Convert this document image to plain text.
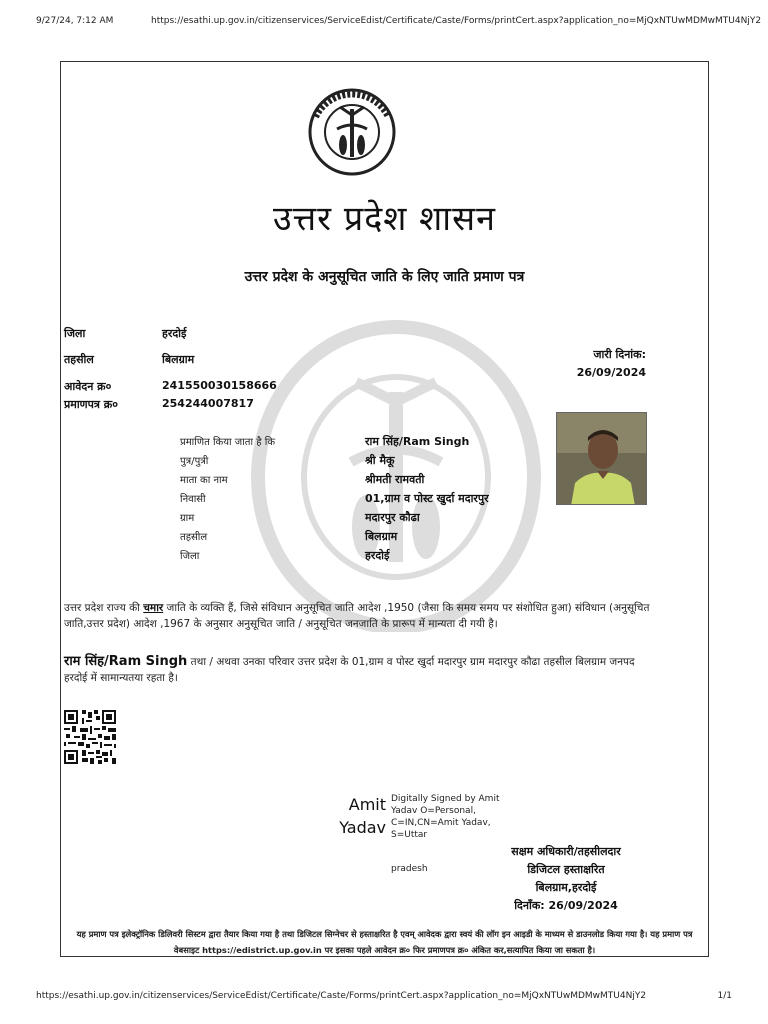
9/27/24, 7:12 AM	https://esathi.up.gov.in/citizenservices/ServiceEdist/Certificate/Caste/Forms/printCert.aspx?application_no=MjQxNTUwMDMwMTU4NjY2
उत्तर प्रदेश शासन
उत्तर प्रदेश के अनुसूचित जाति के लिए जाति प्रमाण पत्र
जिला	हरदोई
तहसील	बिलग्राम
आवेदन क्र०	241550030158666
प्रमाणपत्र क्र०	254244007817
जारी दिनांक:
26/09/2024
प्रमाणित किया जाता है कि	राम सिंह/Ram Singh
पुत्र/पुत्री	श्री मैकू
माता का नाम	श्रीमती रामवती
निवासी	01,ग्राम व पोस्ट खुर्दा मदारपुर
ग्राम	मदारपुर कौढा
तहसील	बिलग्राम
जिला	हरदोई
उत्तर प्रदेश राज्य की चमार जाति के व्यक्ति हैं, जिसे संविधान अनुसूचित जाति आदेश ,1950 (जैसा कि समय समय पर संशोधित हुआ) संविधान (अनुसूचित जाति,उत्तर प्रदेश) आदेश ,1967 के अनुसार अनुसूचित जाति / अनुसूचित जनजाति के प्रारूप में मान्यता दी गयी है।
राम सिंह/Ram Singh तथा / अथवा उनका परिवार उत्तर प्रदेश के 01,ग्राम व पोस्ट खुर्दा मदारपुर ग्राम मदारपुर कौढा तहसील बिलग्राम जनपद हरदोई में सामान्यतया रहता है।
Amit
Yadav
Digitally Signed by Amit Yadav O=Personal, C=IN,CN=Amit Yadav, S=Uttar
pradesh
सक्षम अधिकारी/तहसीलदार
डिजिटल हस्ताक्षरित
बिलग्राम,हरदोई
दिनाँक: 26/09/2024
यह प्रमाण पत्र इलेक्ट्रॉनिक डिलिवरी सिस्टम द्वारा तैयार किया गया है तथा डिजिटल सिग्नेचर से हस्ताक्षरित है एवम् आवेदक द्वारा स्वयं की लॉग इन आइडी के माध्यम से डाउनलोड किया गया है। यह प्रमाण पत्र वेबसाइट https://edistrict.up.gov.in पर इसका पहले आवेदन क्र० फिर प्रमाणपत्र क्र० अंकित कर,सत्यापित किया जा सकता है।
https://esathi.up.gov.in/citizenservices/ServiceEdist/Certificate/Caste/Forms/printCert.aspx?application_no=MjQxNTUwMDMwMTU4NjY2	1/1
